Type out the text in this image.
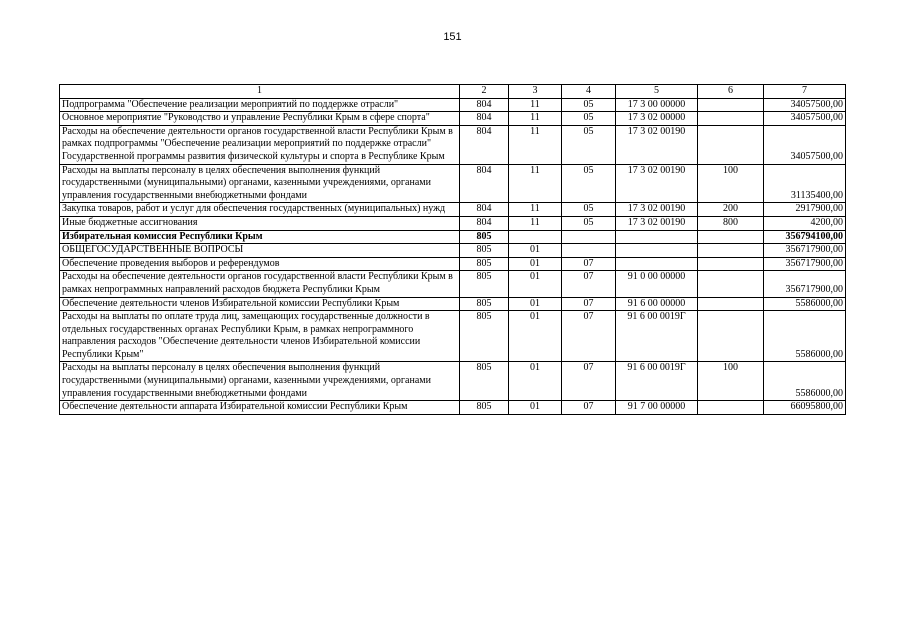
151
1	2	3	4	5	6	7
Подпрограмма "Обеспечение реализации мероприятий по поддержке отрасли"	804	11	05	17 3 00 00000		34057500,00
Основное мероприятие "Руководство и управление Республики Крым в сфере спорта"	804	11	05	17 3 02 00000		34057500,00
Расходы на обеспечение деятельности органов государственной власти Республики Крым в рамках подпрограммы "Обеспечение реализации мероприятий по поддержке отрасли" Государственной программы развития физической культуры и спорта в Республике Крым	804	11	05	17 3 02 00190		34057500,00
Расходы на выплаты персоналу в целях обеспечения выполнения функций государственными (муниципальными) органами, казенными учреждениями, органами управления государственными внебюджетными фондами	804	11	05	17 3 02 00190	100	31135400,00
Закупка товаров, работ и услуг для обеспечения государственных (муниципальных) нужд	804	11	05	17 3 02 00190	200	2917900,00
Иные бюджетные ассигнования	804	11	05	17 3 02 00190	800	4200,00
Избирательная комиссия Республики Крым	805					356794100,00
ОБЩЕГОСУДАРСТВЕННЫЕ ВОПРОСЫ	805	01				356717900,00
Обеспечение проведения выборов и референдумов	805	01	07			356717900,00
Расходы на обеспечение деятельности органов государственной власти Республики Крым в рамках непрограммных направлений расходов бюджета Республики Крым	805	01	07	91 0 00 00000		356717900,00
Обеспечение деятельности членов Избирательной комиссии Республики Крым	805	01	07	91 6 00 00000		5586000,00
Расходы на выплаты по оплате труда лиц, замещающих государственные должности в отдельных государственных органах Республики Крым, в рамках непрограммного направления расходов "Обеспечение деятельности членов Избирательной комиссии Республики Крым"	805	01	07	91 6 00 0019Г		5586000,00
Расходы на выплаты персоналу в целях обеспечения выполнения функций государственными (муниципальными) органами, казенными учреждениями, органами управления государственными внебюджетными фондами	805	01	07	91 6 00 0019Г	100	5586000,00
Обеспечение деятельности аппарата Избирательной комиссии Республики Крым	805	01	07	91 7 00 00000		66095800,00
